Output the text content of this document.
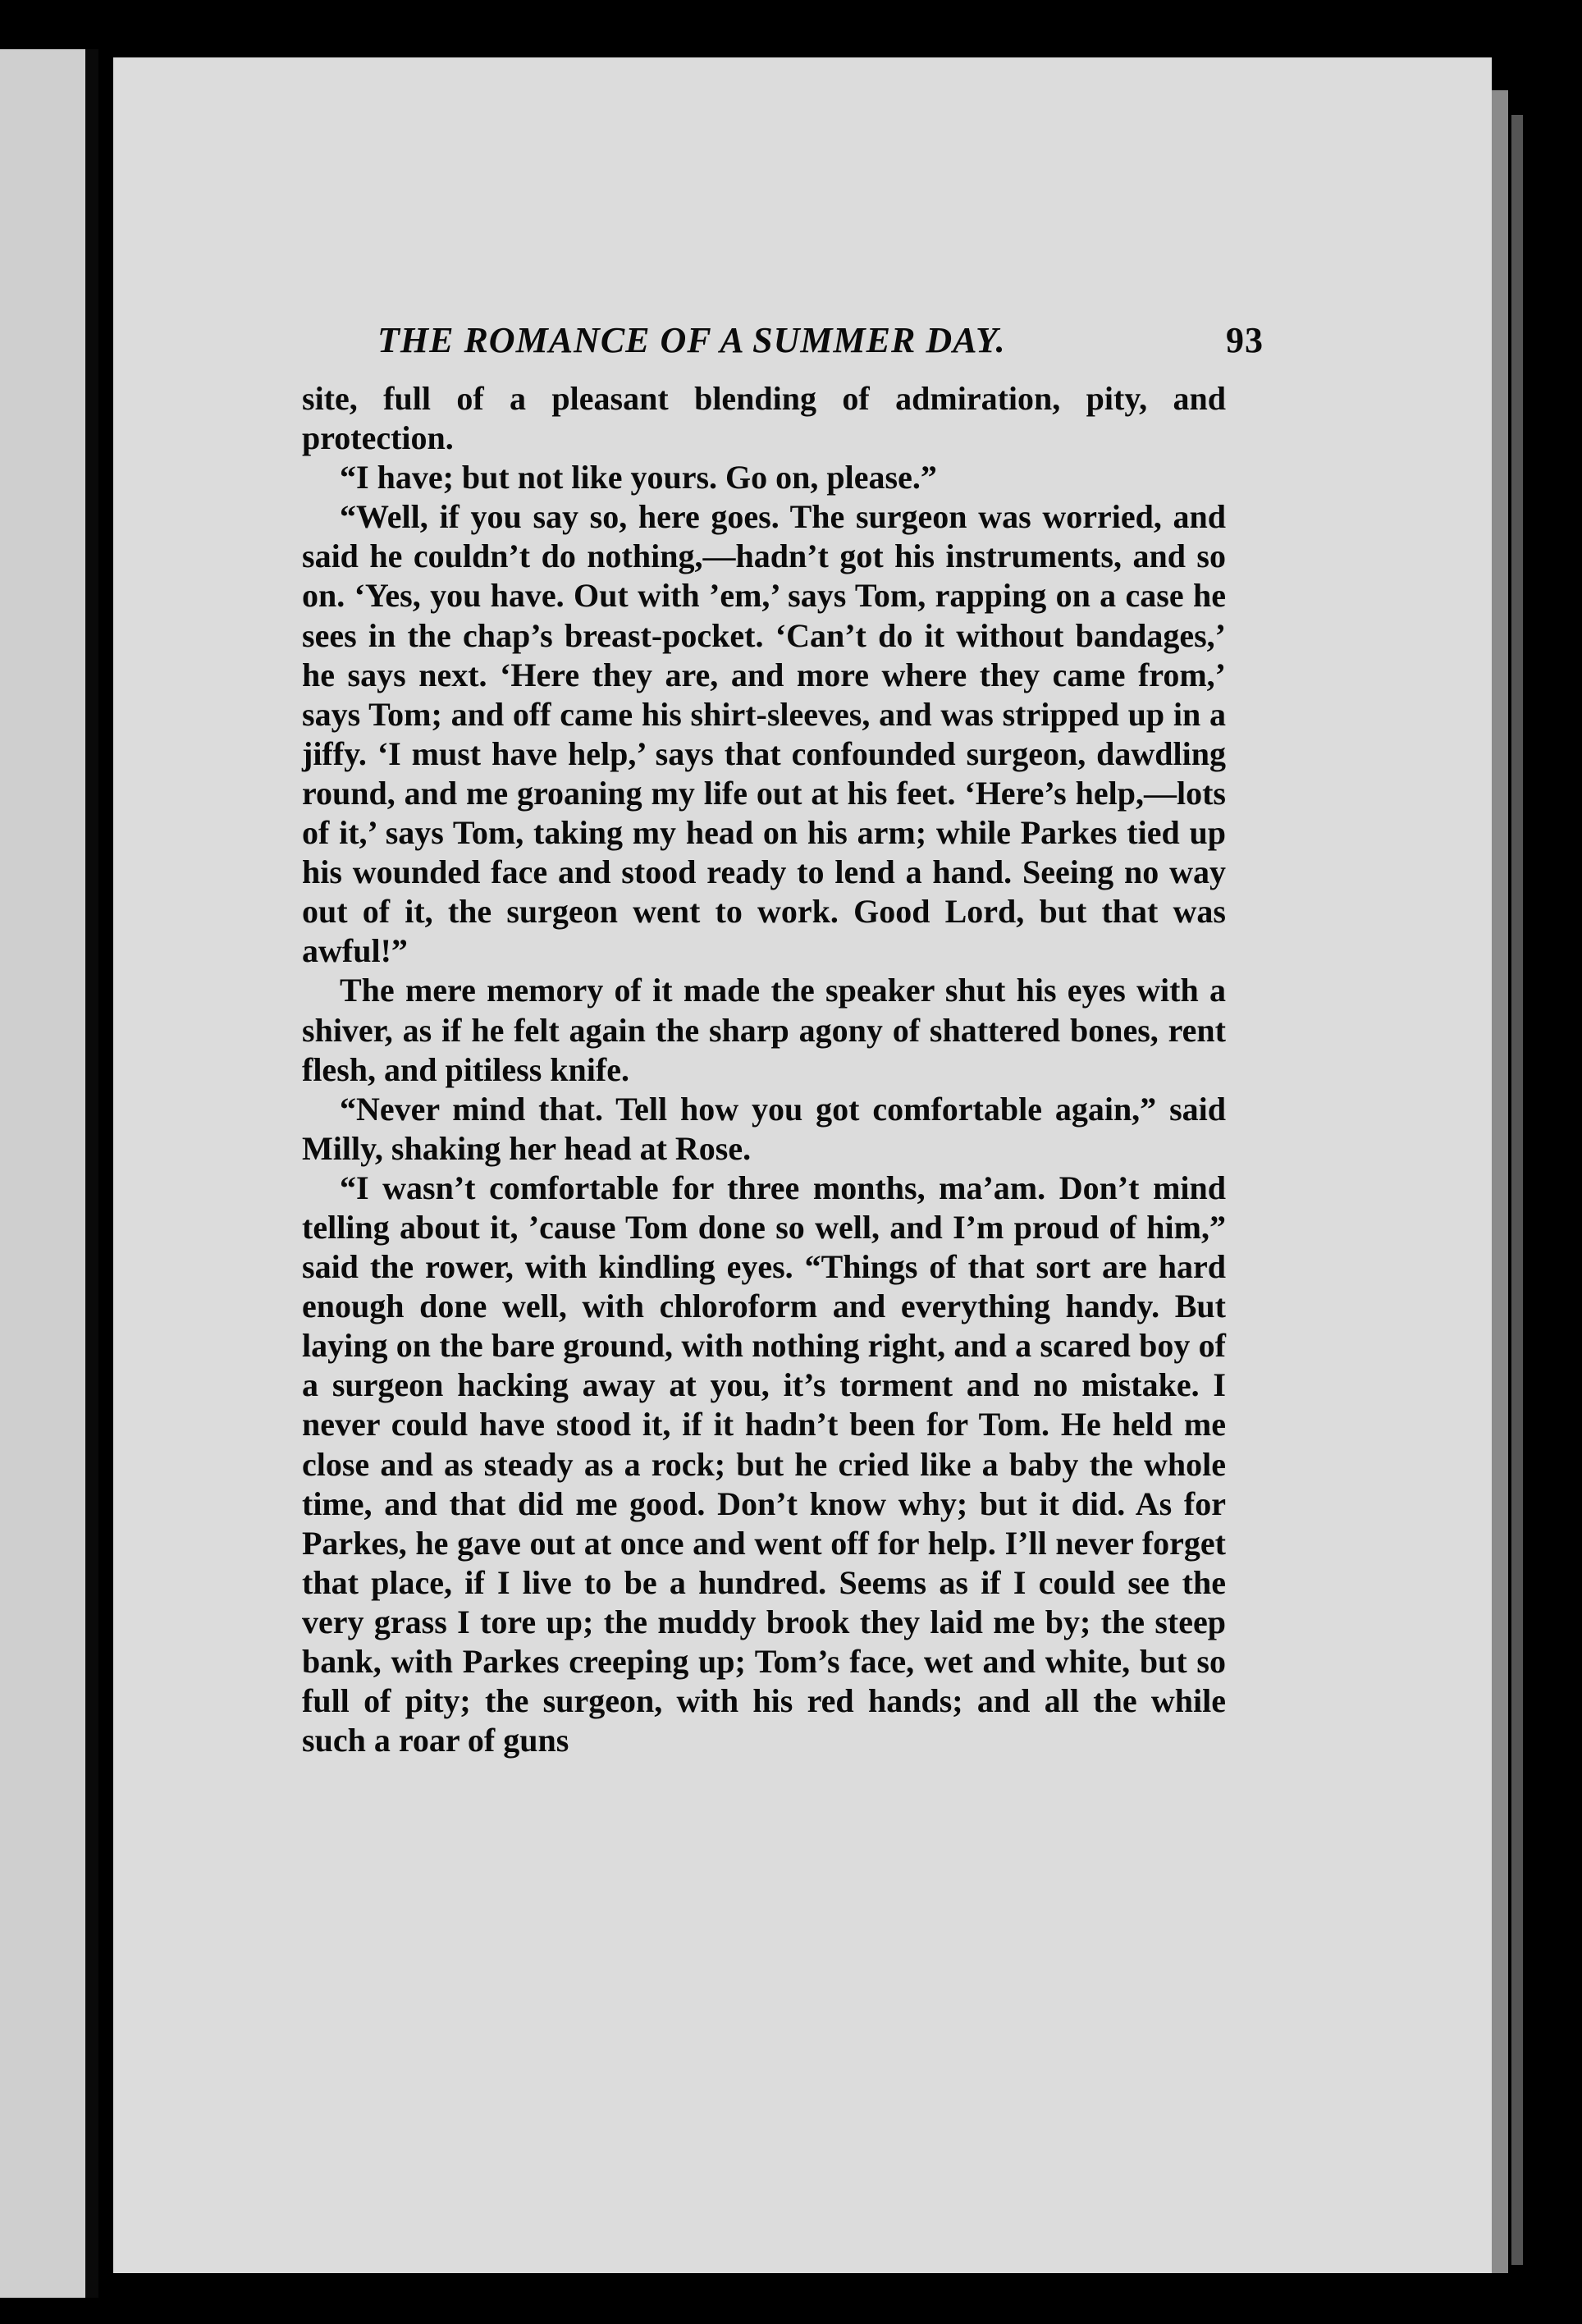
THE ROMANCE OF A SUMMER DAY.	93

site, full of a pleasant blending of admiration, pity, and protection.

“I have; but not like yours. Go on, please.”

“Well, if you say so, here goes. The surgeon was worried, and said he couldn’t do nothing,—hadn’t got his instruments, and so on. ‘Yes, you have. Out with ’em,’ says Tom, rapping on a case he sees in the chap’s breast-pocket. ‘Can’t do it without bandages,’ he says next. ‘Here they are, and more where they came from,’ says Tom; and off came his shirt-sleeves, and was stripped up in a jiffy. ‘I must have help,’ says that confounded surgeon, dawdling round, and me groaning my life out at his feet. ‘Here’s help,—lots of it,’ says Tom, taking my head on his arm; while Parkes tied up his wounded face and stood ready to lend a hand. Seeing no way out of it, the surgeon went to work. Good Lord, but that was awful!”

The mere memory of it made the speaker shut his eyes with a shiver, as if he felt again the sharp agony of shattered bones, rent flesh, and pitiless knife.

“Never mind that. Tell how you got comfortable again,” said Milly, shaking her head at Rose.

“I wasn’t comfortable for three months, ma’am. Don’t mind telling about it, ’cause Tom done so well, and I’m proud of him,” said the rower, with kindling eyes. “Things of that sort are hard enough done well, with chloroform and everything handy. But laying on the bare ground, with nothing right, and a scared boy of a surgeon hacking away at you, it’s torment and no mistake. I never could have stood it, if it hadn’t been for Tom. He held me close and as steady as a rock; but he cried like a baby the whole time, and that did me good. Don’t know why; but it did. As for Parkes, he gave out at once and went off for help. I’ll never forget that place, if I live to be a hundred. Seems as if I could see the very grass I tore up; the muddy brook they laid me by; the steep bank, with Parkes creeping up; Tom’s face, wet and white, but so full of pity; the surgeon, with his red hands; and all the while such a roar of guns
